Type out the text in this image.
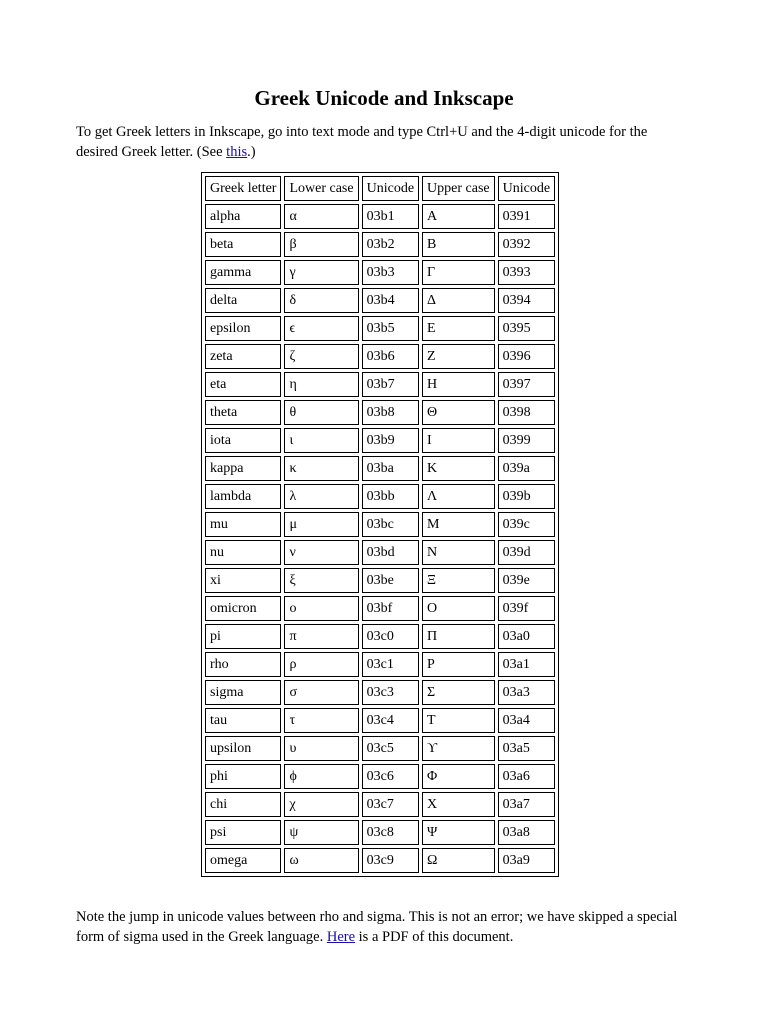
Greek Unicode and Inkscape

To get Greek letters in Inkscape, go into text mode and type Ctrl+U and the 4-digit unicode for the desired Greek letter. (See this.)

Greek letter	Lower case	Unicode	Upper case	Unicode
alpha	α	03b1	Α	0391
beta	β	03b2	Β	0392
gamma	γ	03b3	Γ	0393
delta	δ	03b4	Δ	0394
epsilon	ϵ	03b5	Ε	0395
zeta	ζ	03b6	Ζ	0396
eta	η	03b7	Η	0397
theta	θ	03b8	Θ	0398
iota	ι	03b9	Ι	0399
kappa	κ	03ba	Κ	039a
lambda	λ	03bb	Λ	039b
mu	μ	03bc	Μ	039c
nu	ν	03bd	Ν	039d
xi	ξ	03be	Ξ	039e
omicron	ο	03bf	Ο	039f
pi	π	03c0	Π	03a0
rho	ρ	03c1	Ρ	03a1
sigma	σ	03c3	Σ	03a3
tau	τ	03c4	Τ	03a4
upsilon	υ	03c5	ϒ	03a5
phi	ϕ	03c6	Φ	03a6
chi	χ	03c7	Χ	03a7
psi	ψ	03c8	Ψ	03a8
omega	ω	03c9	Ω	03a9

Note the jump in unicode values between rho and sigma. This is not an error; we have skipped a special form of sigma used in the Greek language. Here is a PDF of this document.
